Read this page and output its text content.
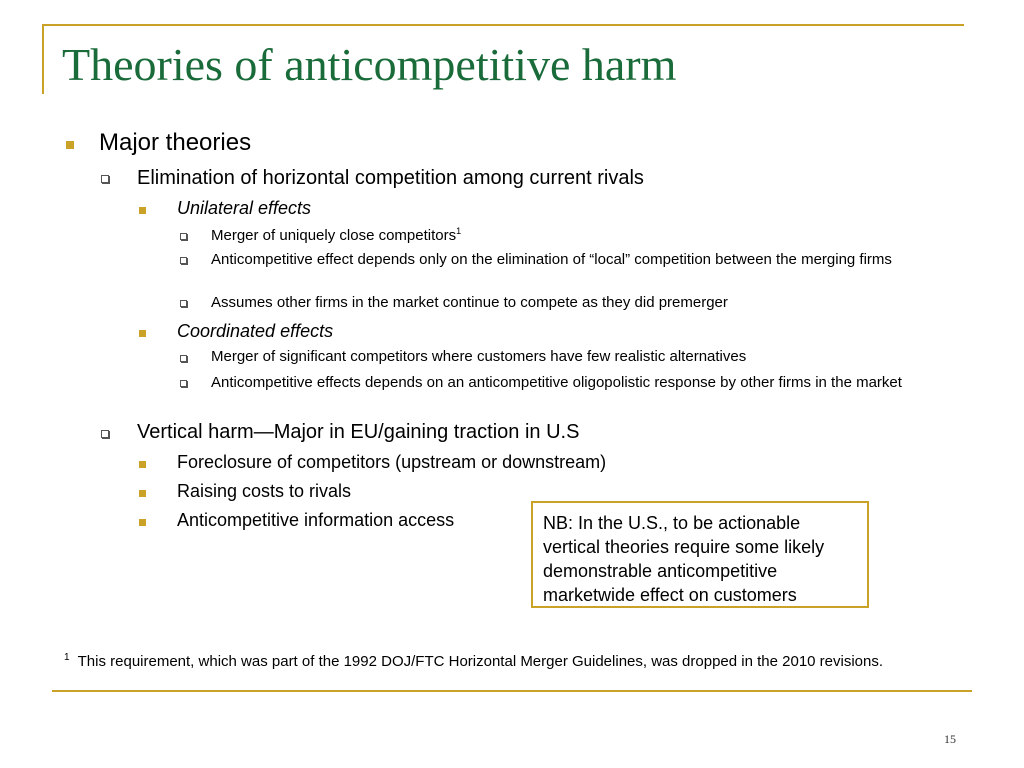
Theories of anticompetitive harm
Major theories
Elimination of horizontal competition among current rivals
Unilateral effects
Merger of uniquely close competitors$^1$
Anticompetitive effect depends only on the elimination of “local” competition between the merging firms
Assumes other firms in the market continue to compete as they did premerger
Coordinated effects
Merger of significant competitors where customers have few realistic alternatives
Anticompetitive effects depends on an anticompetitive oligopolistic response by other firms in the market
Vertical harm—Major in EU/gaining traction in U.S
Foreclosure of competitors (upstream or downstream)
Raising costs to rivals
Anticompetitive information access	NB: In the U.S., to be actionable vertical theories require some likely demonstrable anticompetitive marketwide effect on customers
$^1$ This requirement, which was part of the 1992 DOJ/FTC Horizontal Merger Guidelines, was dropped in the 2010 revisions.
15
